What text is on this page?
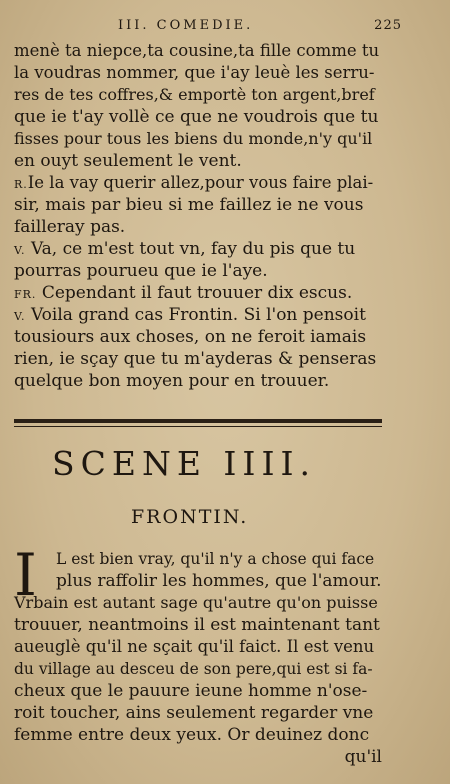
III. COMEDIE.	225
menè ta niepce,ta cousine,ta fille comme tu
la voudras nommer, que i'ay leuè les serru-
res de tes coffres,& emportè ton argent,bref
que ie t'ay vollè ce que ne voudrois que tu
fisses pour tous les biens du monde,n'y qu'il
en ouyt seulement le vent.
R.Ie la vay querir allez,pour vous faire plai-
sir, mais par bieu si me faillez ie ne vous
failleray pas.
V. Va, ce m'est tout vn, fay du pis que tu
pourras pourueu que ie l'aye.
FR. Cependant il faut trouuer dix escus.
V. Voila grand cas Frontin. Si l'on pensoit
tousiours aux choses, on ne feroit iamais
rien, ie sçay que tu m'ayderas & penseras
quelque bon moyen pour en trouuer.
SCENE IIII.
FRONTIN.
I	L est bien vray, qu'il n'y a chose qui face
plus raffolir les hommes, que l'amour.
Vrbain est autant sage qu'autre qu'on puisse
trouuer, neantmoins il est maintenant tant
aueuglè qu'il ne sçait qu'il faict. Il est venu
du village au desceu de son pere,qui est si fa-
cheux que le pauure ieune homme n'ose-
roit toucher, ains seulement regarder vne
femme entre deux yeux. Or deuinez donc
qu'il
